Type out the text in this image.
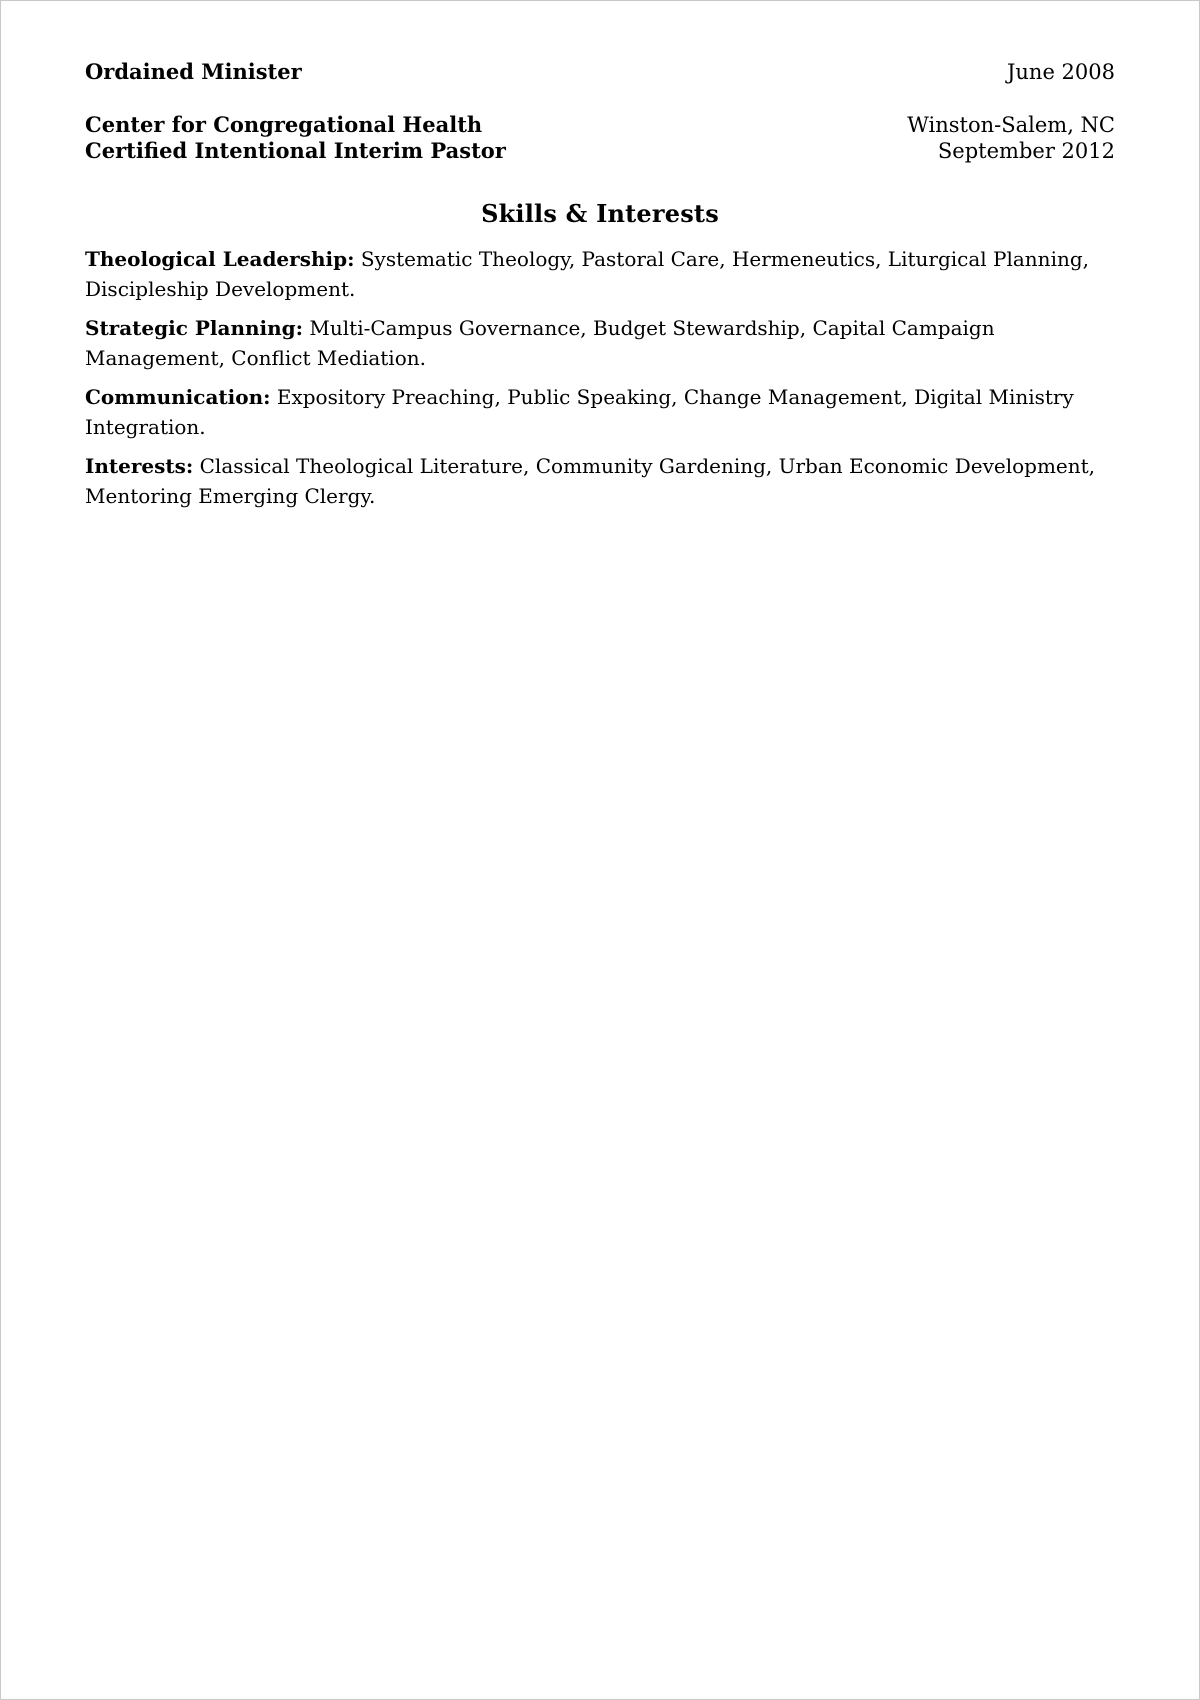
Ordained Minister	June 2008
Center for Congregational Health	Winston-Salem, NC
Certified Intentional Interim Pastor	September 2012
Skills & Interests

Theological Leadership: Systematic Theology, Pastoral Care, Hermeneutics, Liturgical Planning, Discipleship Development.

Strategic Planning: Multi-Campus Governance, Budget Stewardship, Capital Campaign Management, Conflict Mediation.

Communication: Expository Preaching, Public Speaking, Change Management, Digital Ministry Integration.

Interests: Classical Theological Literature, Community Gardening, Urban Economic Development, Mentoring Emerging Clergy.
